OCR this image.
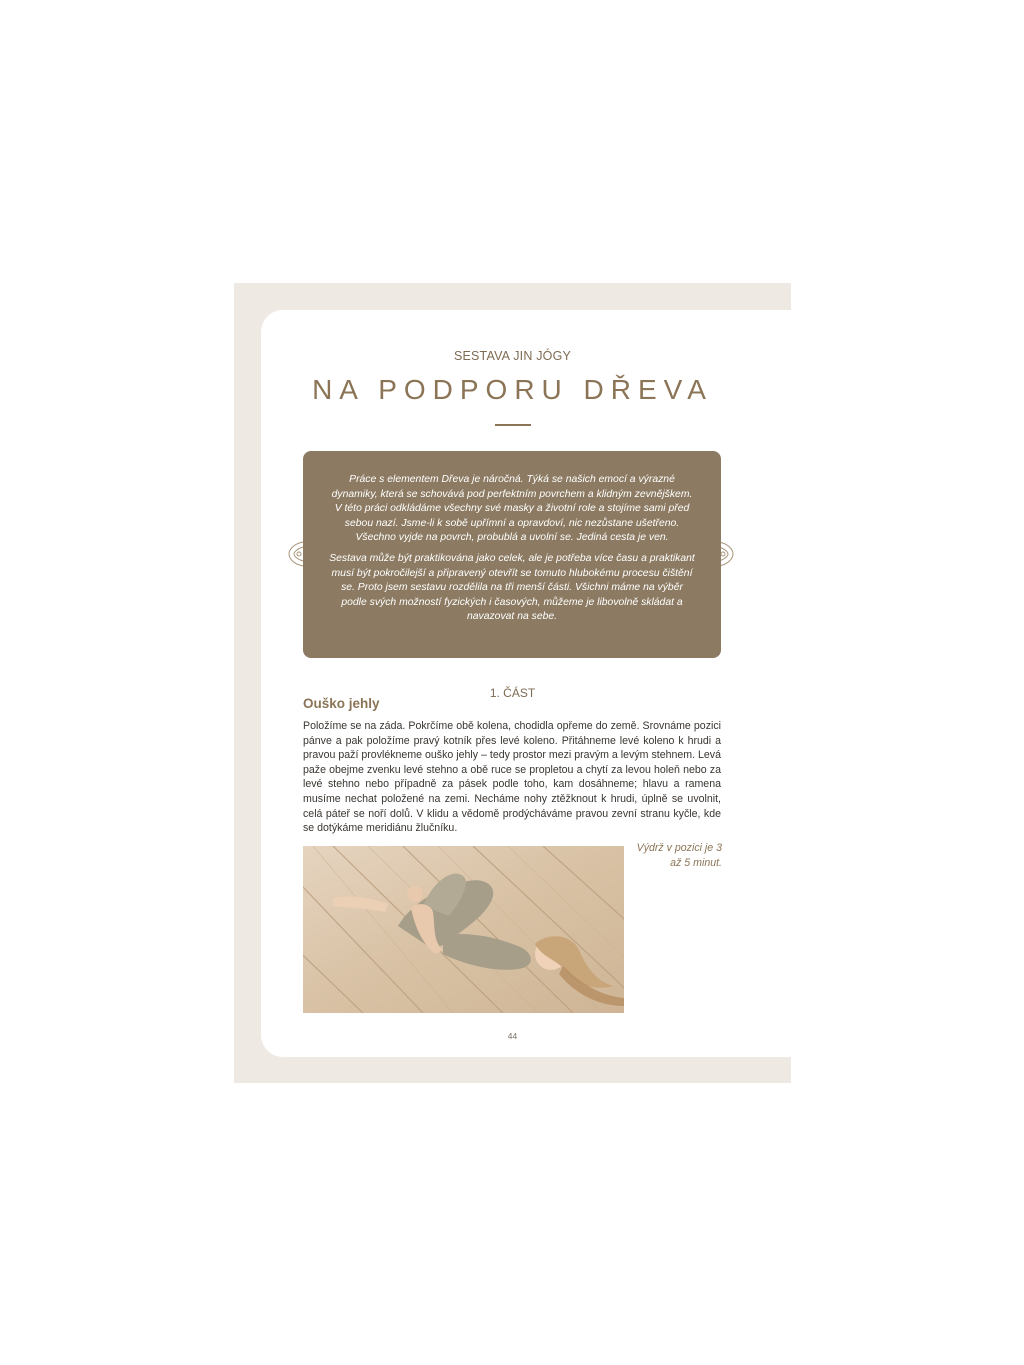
SESTAVA JIN JÓGY
NA PODPORU DŘEVA

Práce s elementem Dřeva je náročná. Týká se našich emocí a výrazné dynamiky, která se schovává pod perfektním povrchem a klidným zevnějškem. V této práci odkládáme všechny své masky a životní role a stojíme sami před sebou nazí. Jsme-li k sobě upřímní a opravdoví, nic nezůstane ušetřeno. Všechno vyjde na povrch, probublá a uvolní se. Jediná cesta je ven.

Sestava může být praktikována jako celek, ale je potřeba více času a praktikant musí být pokročilejší a připravený otevřít se tomuto hlubokému procesu čištění se. Proto jsem sestavu rozdělila na tři menší části. Všichni máme na výběr podle svých možností fyzických i časových, můžeme je libovolně skládat a navazovat na sebe.

1. ČÁST
Ouško jehly
Položíme se na záda. Pokrčíme obě kolena, chodidla opřeme do země. Srovnáme pozici pánve a pak položíme pravý kotník přes levé koleno. Přitáhneme levé koleno k hrudi a pravou paží provlékneme ouško jehly – tedy prostor mezi pravým a levým stehnem. Levá paže obejme zvenku levé stehno a obě ruce se propletou a chytí za levou holeň nebo za levé stehno nebo případně za pásek podle toho, kam dosáhneme; hlavu a ramena musíme nechat položené na zemi. Necháme nohy ztěžknout k hrudi, úplně se uvolnit, celá páteř se noří dolů. V klidu a vědomě prodýcháváme pravou zevní stranu kyčle, kde se dotýkáme meridiánu žlučníku.
Výdrž v pozici je 3 až 5 minut.
44
